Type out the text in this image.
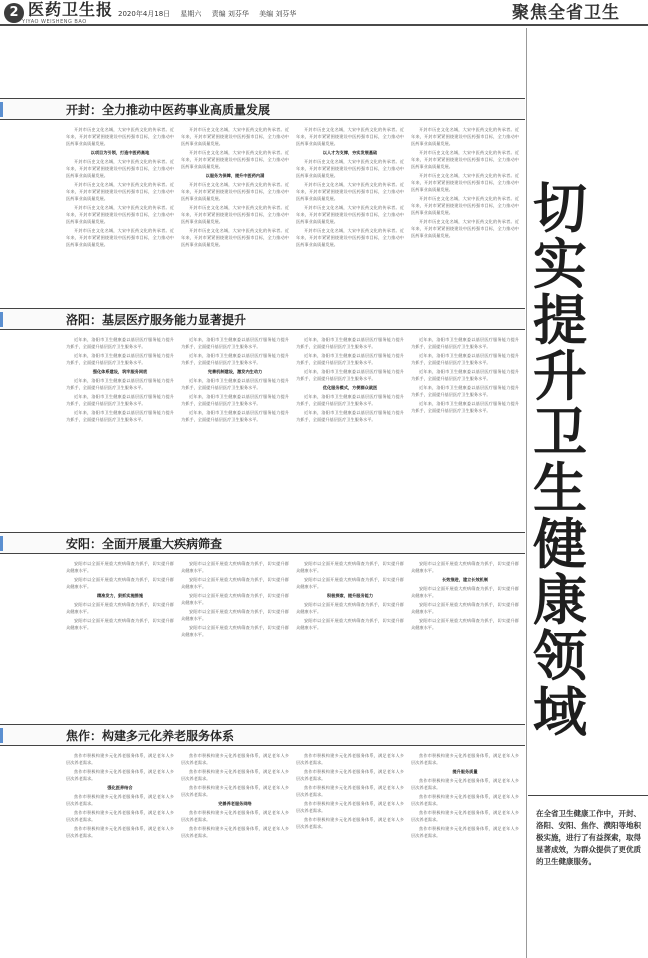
2 医药卫生报
YIYAO WEISHENG BAO
2020年4月18日 星期六 责编 刘芬华 美编 刘芬华	聚焦全省卫生
开封：全力推动中医药事业高质量发展

开封市历史文化名城，大宋中医药文化的传承者。近年来，开封市紧紧围绕建设中医药强市目标，全力推动中医药事业高质量发展。

以项目为引领，打造中医药高地

开封市历史文化名城，大宋中医药文化的传承者。近年来，开封市紧紧围绕建设中医药强市目标，全力推动中医药事业高质量发展。

开封市历史文化名城，大宋中医药文化的传承者。近年来，开封市紧紧围绕建设中医药强市目标，全力推动中医药事业高质量发展。

开封市历史文化名城，大宋中医药文化的传承者。近年来，开封市紧紧围绕建设中医药强市目标，全力推动中医药事业高质量发展。

开封市历史文化名城，大宋中医药文化的传承者。近年来，开封市紧紧围绕建设中医药强市目标，全力推动中医药事业高质量发展。

开封市历史文化名城，大宋中医药文化的传承者。近年来，开封市紧紧围绕建设中医药强市目标，全力推动中医药事业高质量发展。

开封市历史文化名城，大宋中医药文化的传承者。近年来，开封市紧紧围绕建设中医药强市目标，全力推动中医药事业高质量发展。

以服务为保障，提升中医药内涵

开封市历史文化名城，大宋中医药文化的传承者。近年来，开封市紧紧围绕建设中医药强市目标，全力推动中医药事业高质量发展。

开封市历史文化名城，大宋中医药文化的传承者。近年来，开封市紧紧围绕建设中医药强市目标，全力推动中医药事业高质量发展。

开封市历史文化名城，大宋中医药文化的传承者。近年来，开封市紧紧围绕建设中医药强市目标，全力推动中医药事业高质量发展。

开封市历史文化名城，大宋中医药文化的传承者。近年来，开封市紧紧围绕建设中医药强市目标，全力推动中医药事业高质量发展。

以人才为支撑，夯实发展基础

开封市历史文化名城，大宋中医药文化的传承者。近年来，开封市紧紧围绕建设中医药强市目标，全力推动中医药事业高质量发展。

开封市历史文化名城，大宋中医药文化的传承者。近年来，开封市紧紧围绕建设中医药强市目标，全力推动中医药事业高质量发展。

开封市历史文化名城，大宋中医药文化的传承者。近年来，开封市紧紧围绕建设中医药强市目标，全力推动中医药事业高质量发展。

开封市历史文化名城，大宋中医药文化的传承者。近年来，开封市紧紧围绕建设中医药强市目标，全力推动中医药事业高质量发展。

开封市历史文化名城，大宋中医药文化的传承者。近年来，开封市紧紧围绕建设中医药强市目标，全力推动中医药事业高质量发展。

开封市历史文化名城，大宋中医药文化的传承者。近年来，开封市紧紧围绕建设中医药强市目标，全力推动中医药事业高质量发展。

开封市历史文化名城，大宋中医药文化的传承者。近年来，开封市紧紧围绕建设中医药强市目标，全力推动中医药事业高质量发展。

开封市历史文化名城，大宋中医药文化的传承者。近年来，开封市紧紧围绕建设中医药强市目标，全力推动中医药事业高质量发展。

开封市历史文化名城，大宋中医药文化的传承者。近年来，开封市紧紧围绕建设中医药强市目标，全力推动中医药事业高质量发展。

洛阳：基层医疗服务能力显著提升

近年来，洛阳市卫生健康委以基层医疗服务能力提升为抓手，全面提升基层医疗卫生服务水平。

近年来，洛阳市卫生健康委以基层医疗服务能力提升为抓手，全面提升基层医疗卫生服务水平。

强化体系建设，筑牢服务网底

近年来，洛阳市卫生健康委以基层医疗服务能力提升为抓手，全面提升基层医疗卫生服务水平。

近年来，洛阳市卫生健康委以基层医疗服务能力提升为抓手，全面提升基层医疗卫生服务水平。

近年来，洛阳市卫生健康委以基层医疗服务能力提升为抓手，全面提升基层医疗卫生服务水平。

近年来，洛阳市卫生健康委以基层医疗服务能力提升为抓手，全面提升基层医疗卫生服务水平。

近年来，洛阳市卫生健康委以基层医疗服务能力提升为抓手，全面提升基层医疗卫生服务水平。

完善机制建设，激发内生动力

近年来，洛阳市卫生健康委以基层医疗服务能力提升为抓手，全面提升基层医疗卫生服务水平。

近年来，洛阳市卫生健康委以基层医疗服务能力提升为抓手，全面提升基层医疗卫生服务水平。

近年来，洛阳市卫生健康委以基层医疗服务能力提升为抓手，全面提升基层医疗卫生服务水平。

近年来，洛阳市卫生健康委以基层医疗服务能力提升为抓手，全面提升基层医疗卫生服务水平。

近年来，洛阳市卫生健康委以基层医疗服务能力提升为抓手，全面提升基层医疗卫生服务水平。

近年来，洛阳市卫生健康委以基层医疗服务能力提升为抓手，全面提升基层医疗卫生服务水平。

优化服务模式，方便群众就医

近年来，洛阳市卫生健康委以基层医疗服务能力提升为抓手，全面提升基层医疗卫生服务水平。

近年来，洛阳市卫生健康委以基层医疗服务能力提升为抓手，全面提升基层医疗卫生服务水平。

近年来，洛阳市卫生健康委以基层医疗服务能力提升为抓手，全面提升基层医疗卫生服务水平。

近年来，洛阳市卫生健康委以基层医疗服务能力提升为抓手，全面提升基层医疗卫生服务水平。

近年来，洛阳市卫生健康委以基层医疗服务能力提升为抓手，全面提升基层医疗卫生服务水平。

近年来，洛阳市卫生健康委以基层医疗服务能力提升为抓手，全面提升基层医疗卫生服务水平。

近年来，洛阳市卫生健康委以基层医疗服务能力提升为抓手，全面提升基层医疗卫生服务水平。

安阳：全面开展重大疾病筛查

安阳市以全面开展重大疾病筛查为抓手，切实提升群众健康水平。

安阳市以全面开展重大疾病筛查为抓手，切实提升群众健康水平。

精准发力，狠抓实施措施

安阳市以全面开展重大疾病筛查为抓手，切实提升群众健康水平。

安阳市以全面开展重大疾病筛查为抓手，切实提升群众健康水平。

安阳市以全面开展重大疾病筛查为抓手，切实提升群众健康水平。

安阳市以全面开展重大疾病筛查为抓手，切实提升群众健康水平。

安阳市以全面开展重大疾病筛查为抓手，切实提升群众健康水平。

安阳市以全面开展重大疾病筛查为抓手，切实提升群众健康水平。

安阳市以全面开展重大疾病筛查为抓手，切实提升群众健康水平。

安阳市以全面开展重大疾病筛查为抓手，切实提升群众健康水平。

安阳市以全面开展重大疾病筛查为抓手，切实提升群众健康水平。

积极探索，提升服务能力

安阳市以全面开展重大疾病筛查为抓手，切实提升群众健康水平。

安阳市以全面开展重大疾病筛查为抓手，切实提升群众健康水平。

安阳市以全面开展重大疾病筛查为抓手，切实提升群众健康水平。

长效推进，建立长效机制

安阳市以全面开展重大疾病筛查为抓手，切实提升群众健康水平。

安阳市以全面开展重大疾病筛查为抓手，切实提升群众健康水平。

安阳市以全面开展重大疾病筛查为抓手，切实提升群众健康水平。

焦作：构建多元化养老服务体系

焦作市积极构建多元化养老服务体系，满足老年人多层次养老需求。

焦作市积极构建多元化养老服务体系，满足老年人多层次养老需求。

强化医养结合

焦作市积极构建多元化养老服务体系，满足老年人多层次养老需求。

焦作市积极构建多元化养老服务体系，满足老年人多层次养老需求。

焦作市积极构建多元化养老服务体系，满足老年人多层次养老需求。

焦作市积极构建多元化养老服务体系，满足老年人多层次养老需求。

焦作市积极构建多元化养老服务体系，满足老年人多层次养老需求。

焦作市积极构建多元化养老服务体系，满足老年人多层次养老需求。

完善养老服务网络

焦作市积极构建多元化养老服务体系，满足老年人多层次养老需求。

焦作市积极构建多元化养老服务体系，满足老年人多层次养老需求。

焦作市积极构建多元化养老服务体系，满足老年人多层次养老需求。

焦作市积极构建多元化养老服务体系，满足老年人多层次养老需求。

焦作市积极构建多元化养老服务体系，满足老年人多层次养老需求。

焦作市积极构建多元化养老服务体系，满足老年人多层次养老需求。

焦作市积极构建多元化养老服务体系，满足老年人多层次养老需求。

焦作市积极构建多元化养老服务体系，满足老年人多层次养老需求。

提升服务质量

焦作市积极构建多元化养老服务体系，满足老年人多层次养老需求。

焦作市积极构建多元化养老服务体系，满足老年人多层次养老需求。

焦作市积极构建多元化养老服务体系，满足老年人多层次养老需求。

焦作市积极构建多元化养老服务体系，满足老年人多层次养老需求。

切
实
提
升
卫
生
健
康
领
域
在全省卫生健康工作中，开封、洛阳、安阳、焦作、濮阳等地积极实施，进行了有益探索，取得显著成效，为群众提供了更优质的卫生健康服务。
